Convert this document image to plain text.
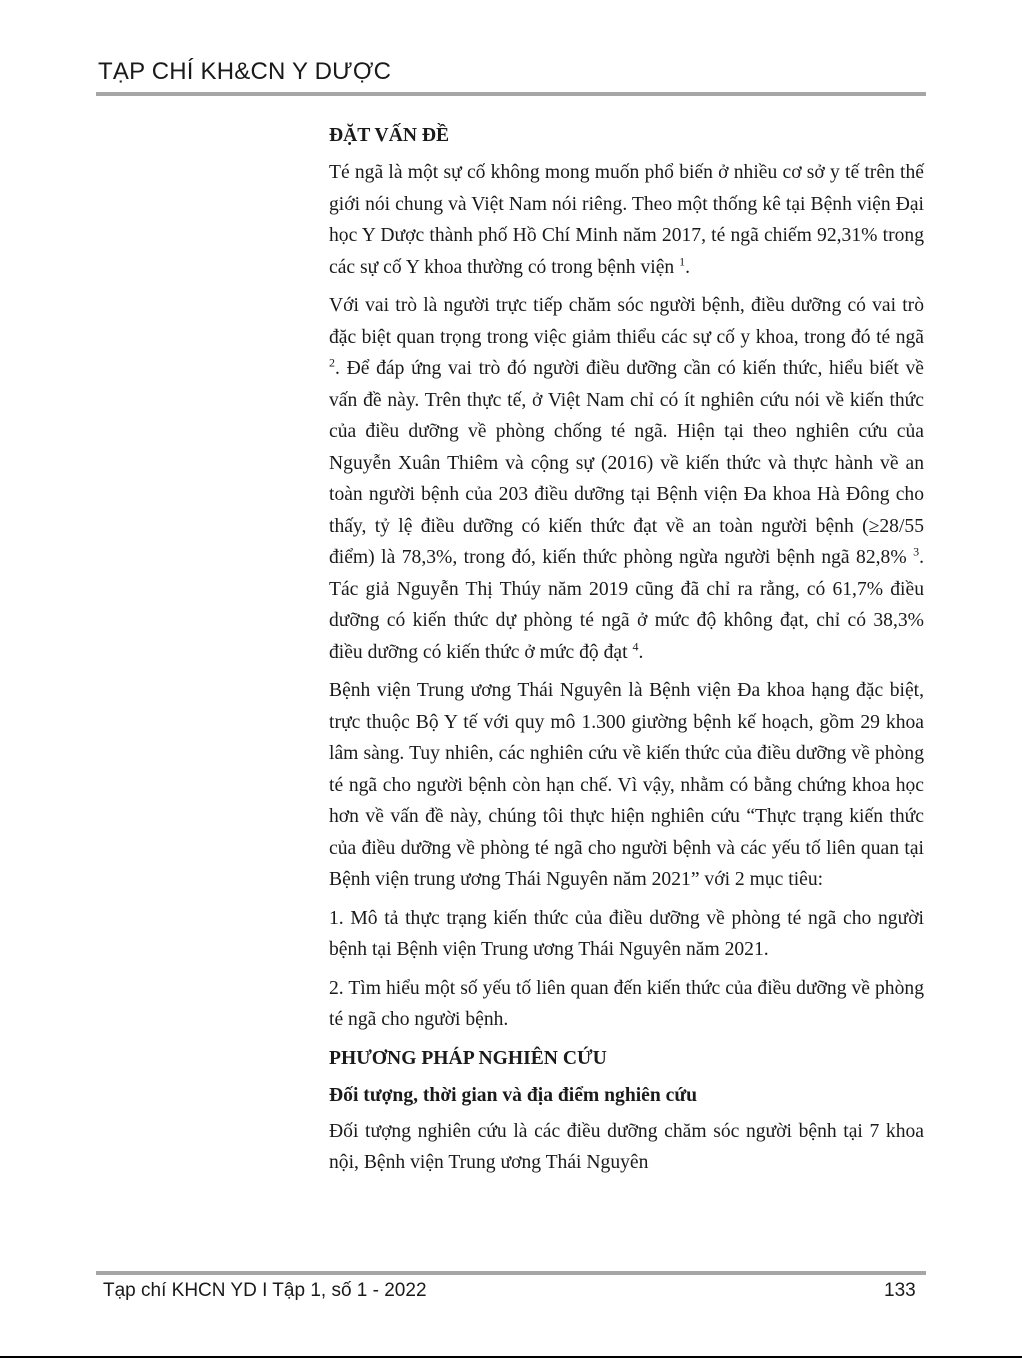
TẠP CHÍ KH&CN Y DƯỢC
ĐẶT VẤN ĐỀ

Té ngã là một sự cố không mong muốn phổ biến ở nhiều cơ sở y tế trên thế giới nói chung và Việt Nam nói riêng. Theo một thống kê tại Bệnh viện Đại học Y Dược thành phố Hồ Chí Minh năm 2017, té ngã chiếm 92,31% trong các sự cố Y khoa thường có trong bệnh viện $^1$.

Với vai trò là người trực tiếp chăm sóc người bệnh, điều dưỡng có vai trò đặc biệt quan trọng trong việc giảm thiểu các sự cố y khoa, trong đó té ngã $^2$. Để đáp ứng vai trò đó người điều dưỡng cần có kiến thức, hiểu biết về vấn đề này. Trên thực tế, ở Việt Nam chỉ có ít nghiên cứu nói về kiến thức của điều dưỡng về phòng chống té ngã. Hiện tại theo nghiên cứu của Nguyễn Xuân Thiêm và cộng sự (2016) về kiến thức và thực hành về an toàn người bệnh của 203 điều dưỡng tại Bệnh viện Đa khoa Hà Đông cho thấy, tỷ lệ điều dưỡng có kiến thức đạt về an toàn người bệnh (≥28/55 điểm) là 78,3%, trong đó, kiến thức phòng ngừa người bệnh ngã 82,8% $^3$. Tác giả Nguyễn Thị Thúy năm 2019 cũng đã chỉ ra rằng, có 61,7% điều dưỡng có kiến thức dự phòng té ngã ở mức độ không đạt, chỉ có 38,3% điều dưỡng có kiến thức ở mức độ đạt $^4$.

Bệnh viện Trung ương Thái Nguyên là Bệnh viện Đa khoa hạng đặc biệt, trực thuộc Bộ Y tế với quy mô 1.300 giường bệnh kế hoạch, gồm 29 khoa lâm sàng. Tuy nhiên, các nghiên cứu về kiến thức của điều dưỡng về phòng té ngã cho người bệnh còn hạn chế. Vì vậy, nhằm có bằng chứng khoa học hơn về vấn đề này, chúng tôi thực hiện nghiên cứu “Thực trạng kiến thức của điều dưỡng về phòng té ngã cho người bệnh và các yếu tố liên quan tại Bệnh viện trung ương Thái Nguyên năm 2021” với 2 mục tiêu:

1. Mô tả thực trạng kiến thức của điều dưỡng về phòng té ngã cho người bệnh tại Bệnh viện Trung ương Thái Nguyên năm 2021.

2. Tìm hiểu một số yếu tố liên quan đến kiến thức của điều dưỡng về phòng té ngã cho người bệnh.

PHƯƠNG PHÁP NGHIÊN CỨU
Đối tượng, thời gian và địa điểm nghiên cứu

Đối tượng nghiên cứu là các điều dưỡng chăm sóc người bệnh tại 7 khoa nội, Bệnh viện Trung ương Thái Nguyên

Tạp chí KHCN YD I Tập 1, số 1 - 2022	133
